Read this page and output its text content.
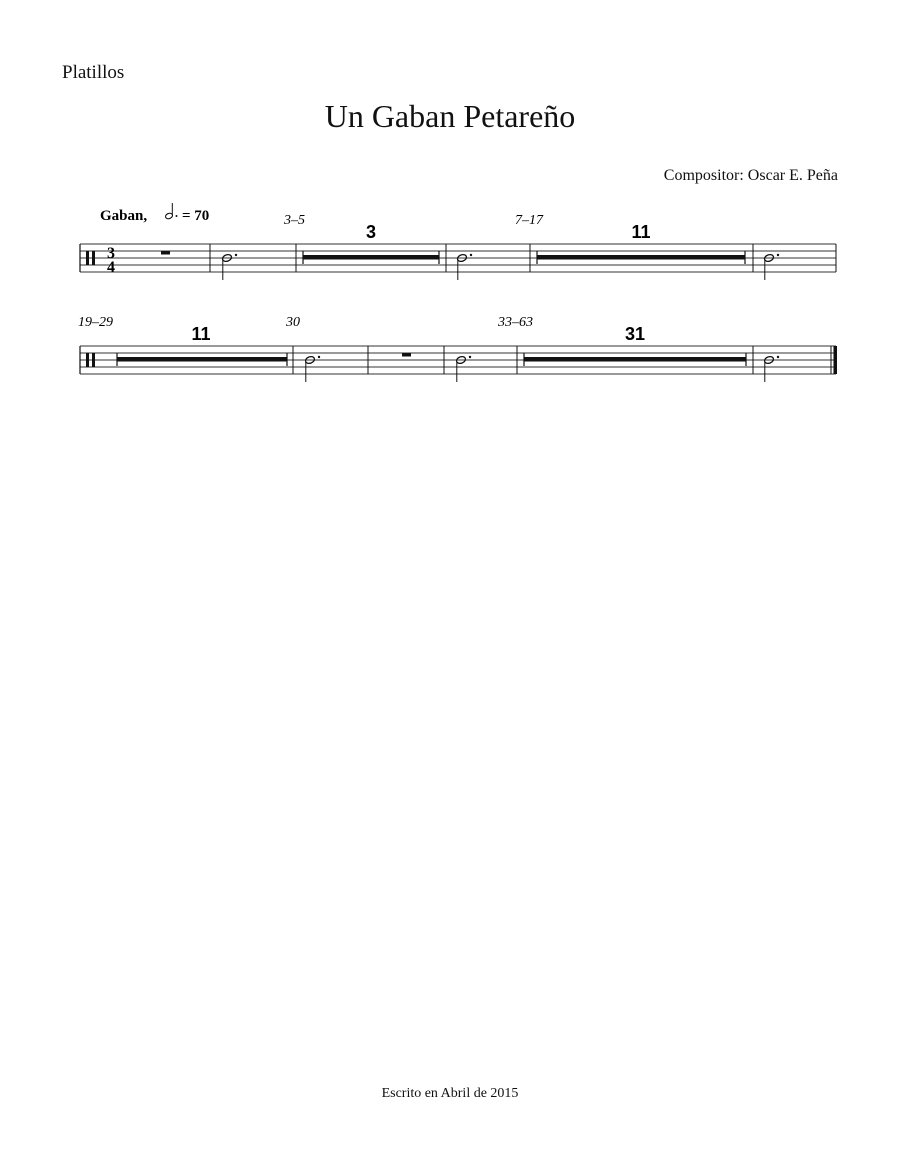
Platillos
Un Gaban Petareño
Compositor: Oscar E. Peña
Gaban, = 70	3–5	7–17
3
4
3	11
19–29	30	33–63
11	31
Escrito en Abril de 2015
